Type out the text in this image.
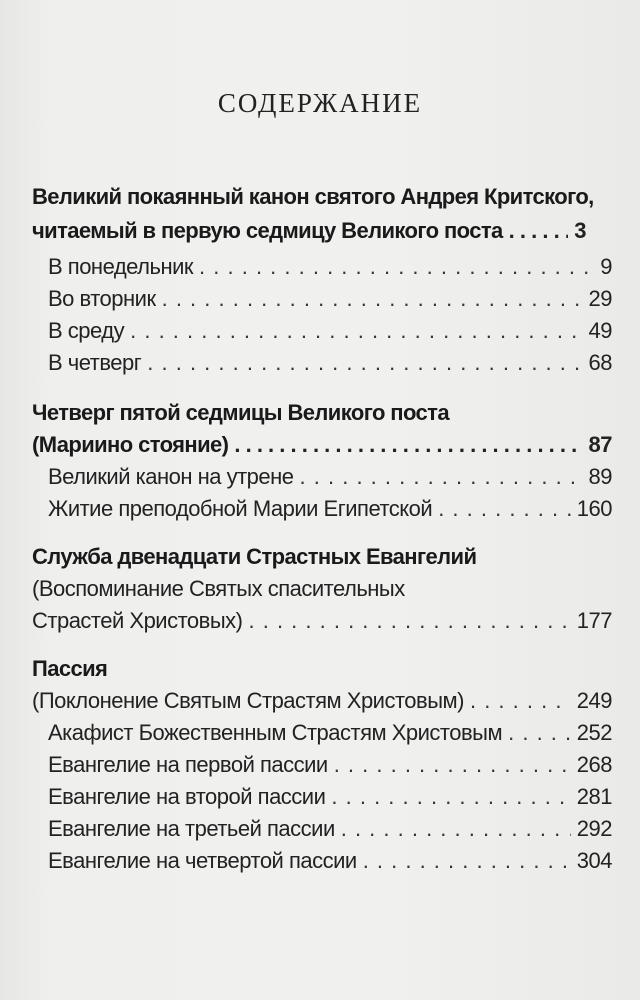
СОДЕРЖАНИЕ
Великий покаянный канон святого Андрея Критского,
читаемый в первую седмицу Великого поста . . .	3
В понедельник . . .	9
Во вторник . . .	29
В среду . . .	49
В четверг . . .	68
Четверг пятой седмицы Великого поста
(Мариино стояние) . . .	87
Великий канон на утрене . . .	89
Житие преподобной Марии Египетской . . .	160
Служба двенадцати Страстных Евангелий
(Воспоминание Святых спасительных
Страстей Христовых) . . .	177
Пассия
(Поклонение Святым Страстям Христовым) . . .	249
Акафист Божественным Страстям Христовым . . .	252
Евангелие на первой пассии . . .	268
Евангелие на второй пассии . . .	281
Евангелие на третьей пассии . . .	292
Евангелие на четвертой пассии . . .	304
